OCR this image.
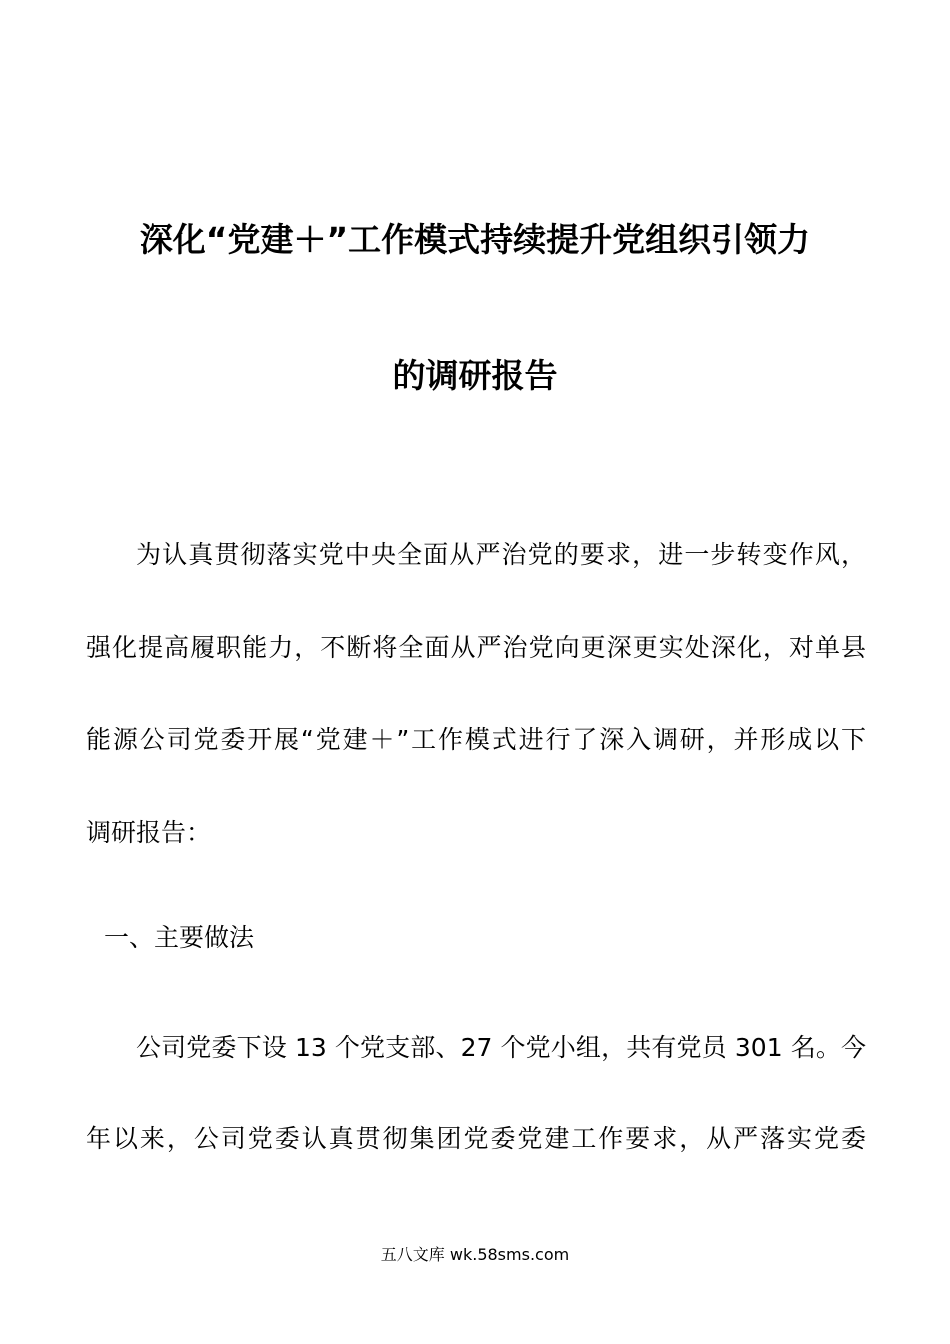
深化“党建＋”工作模式持续提升党组织引领力
的调研报告
为认真贯彻落实党中央全面从严治党的要求，进一步转变作风，
强化提高履职能力，不断将全面从严治党向更深更实处深化，对单县
能源公司党委开展“党建＋”工作模式进行了深入调研，并形成以下
调研报告：
一、主要做法
公司党委下设 13 个党支部、27 个党小组，共有党员 301 名。今
年以来，公司党委认真贯彻集团党委党建工作要求，从严落实党委
五八文库 wk.58sms.com
